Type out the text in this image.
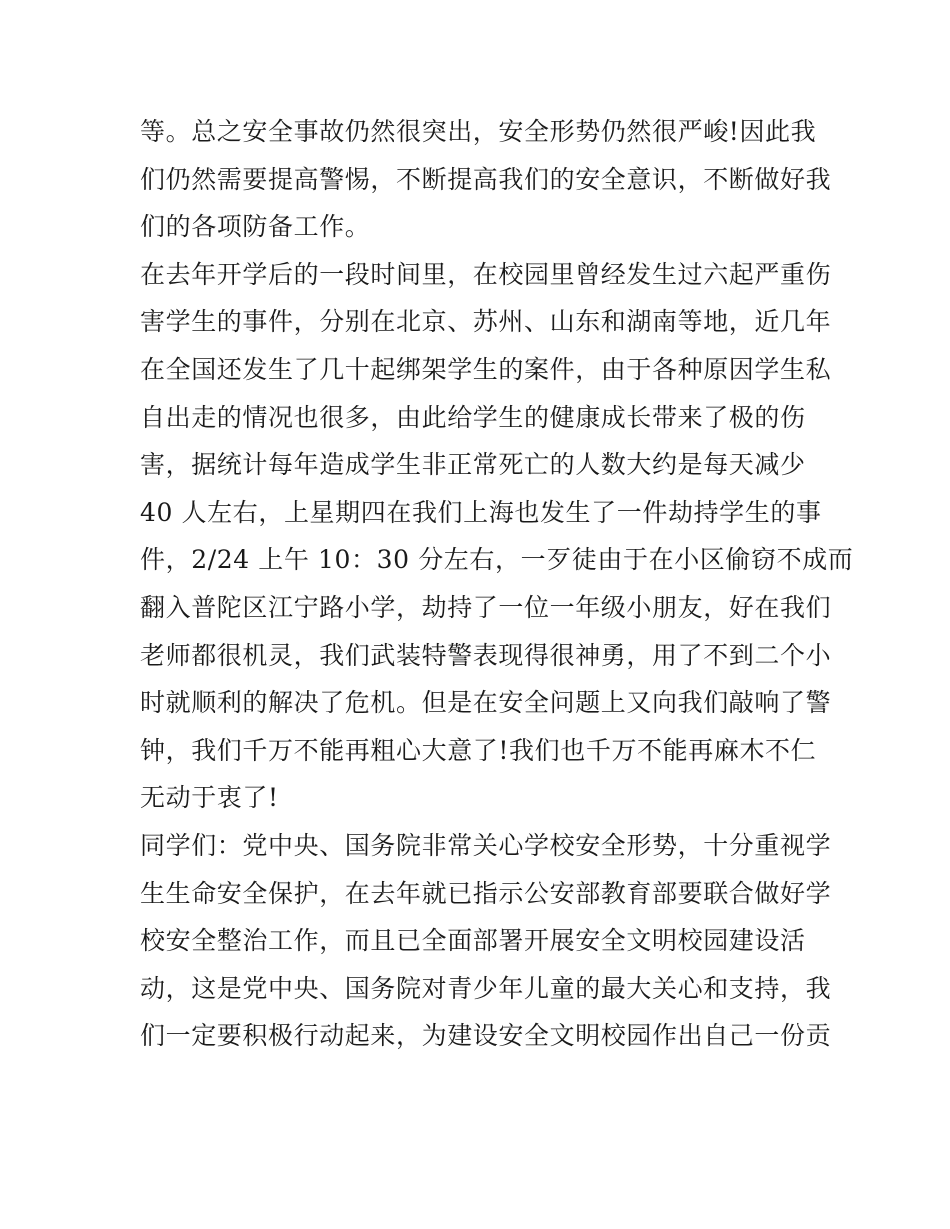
等。总之安全事故仍然很突出，安全形势仍然很严峻!因此我
们仍然需要提高警惕，不断提高我们的安全意识，不断做好我
们的各项防备工作。
在去年开学后的一段时间里，在校园里曾经发生过六起严重伤
害学生的事件，分别在北京、苏州、山东和湖南等地，近几年
在全国还发生了几十起绑架学生的案件，由于各种原因学生私
自出走的情况也很多，由此给学生的健康成长带来了极的伤
害，据统计每年造成学生非正常死亡的人数大约是每天减少
40 人左右，上星期四在我们上海也发生了一件劫持学生的事
件，2/24 上午 10：30 分左右，一歹徒由于在小区偷窃不成而
翻入普陀区江宁路小学，劫持了一位一年级小朋友，好在我们
老师都很机灵，我们武装特警表现得很神勇，用了不到二个小
时就顺利的解决了危机。但是在安全问题上又向我们敲响了警
钟，我们千万不能再粗心大意了!我们也千万不能再麻木不仁
无动于衷了!
同学们：党中央、国务院非常关心学校安全形势，十分重视学
生生命安全保护，在去年就已指示公安部教育部要联合做好学
校安全整治工作，而且已全面部署开展安全文明校园建设活
动，这是党中央、国务院对青少年儿童的最大关心和支持，我
们一定要积极行动起来，为建设安全文明校园作出自己一份贡
